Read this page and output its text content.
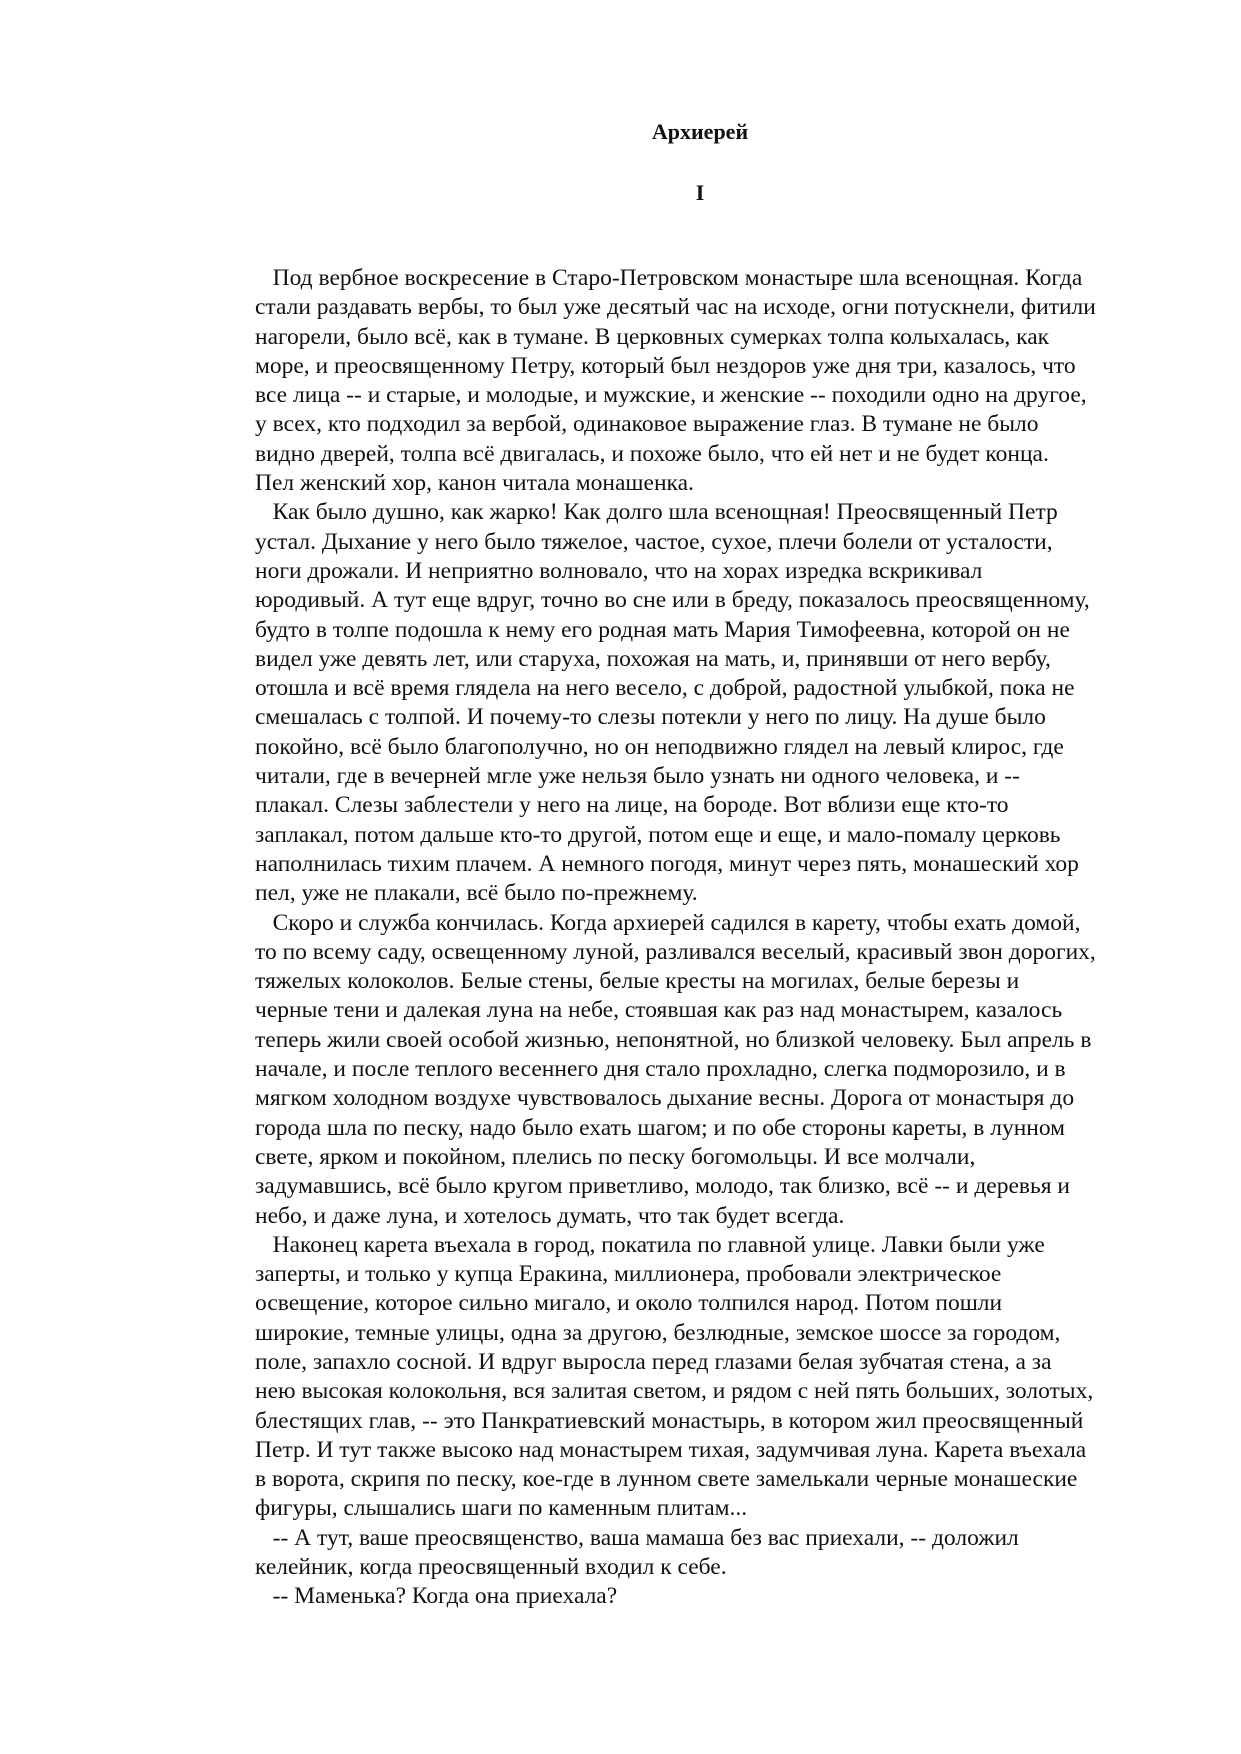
Архиерей
I
Под вербное воскресение в Старо-Петровском монастыре шла всенощная. Когда
стали раздавать вербы, то был уже десятый час на исходе, огни потускнели, фитили
нагорели, было всё, как в тумане. В церковных сумерках толпа колыхалась, как
море, и преосвященному Петру, который был нездоров уже дня три, казалось, что
все лица -- и старые, и молодые, и мужские, и женские -- походили одно на другое,
у всех, кто подходил за вербой, одинаковое выражение глаз. В тумане не было
видно дверей, толпа всё двигалась, и похоже было, что ей нет и не будет конца.
Пел женский хор, канон читала монашенка.
Как было душно, как жарко! Как долго шла всенощная! Преосвященный Петр
устал. Дыхание у него было тяжелое, частое, сухое, плечи болели от усталости,
ноги дрожали. И неприятно волновало, что на хорах изредка вскрикивал
юродивый. А тут еще вдруг, точно во сне или в бреду, показалось преосвященному,
будто в толпе подошла к нему его родная мать Мария Тимофеевна, которой он не
видел уже девять лет, или старуха, похожая на мать, и, принявши от него вербу,
отошла и всё время глядела на него весело, с доброй, радостной улыбкой, пока не
смешалась с толпой. И почему-то слезы потекли у него по лицу. На душе было
покойно, всё было благополучно, но он неподвижно глядел на левый клирос, где
читали, где в вечерней мгле уже нельзя было узнать ни одного человека, и --
плакал. Слезы заблестели у него на лице, на бороде. Вот вблизи еще кто-то
заплакал, потом дальше кто-то другой, потом еще и еще, и мало-помалу церковь
наполнилась тихим плачем. А немного погодя, минут через пять, монашеский хор
пел, уже не плакали, всё было по-прежнему.
Скоро и служба кончилась. Когда архиерей садился в карету, чтобы ехать домой,
то по всему саду, освещенному луной, разливался веселый, красивый звон дорогих,
тяжелых колоколов. Белые стены, белые кресты на могилах, белые березы и
черные тени и далекая луна на небе, стоявшая как раз над монастырем, казалось
теперь жили своей особой жизнью, непонятной, но близкой человеку. Был апрель в
начале, и после теплого весеннего дня стало прохладно, слегка подморозило, и в
мягком холодном воздухе чувствовалось дыхание весны. Дорога от монастыря до
города шла по песку, надо было ехать шагом; и по обе стороны кареты, в лунном
свете, ярком и покойном, плелись по песку богомольцы. И все молчали,
задумавшись, всё было кругом приветливо, молодо, так близко, всё -- и деревья и
небо, и даже луна, и хотелось думать, что так будет всегда.
Наконец карета въехала в город, покатила по главной улице. Лавки были уже
заперты, и только у купца Еракина, миллионера, пробовали электрическое
освещение, которое сильно мигало, и около толпился народ. Потом пошли
широкие, темные улицы, одна за другою, безлюдные, земское шоссе за городом,
поле, запахло сосной. И вдруг выросла перед глазами белая зубчатая стена, а за
нею высокая колокольня, вся залитая светом, и рядом с ней пять больших, золотых,
блестящих глав, -- это Панкратиевский монастырь, в котором жил преосвященный
Петр. И тут также высоко над монастырем тихая, задумчивая луна. Карета въехала
в ворота, скрипя по песку, кое-где в лунном свете замелькали черные монашеские
фигуры, слышались шаги по каменным плитам...
-- А тут, ваше преосвященство, ваша мамаша без вас приехали, -- доложил
келейник, когда преосвященный входил к себе.
-- Маменька? Когда она приехала?
